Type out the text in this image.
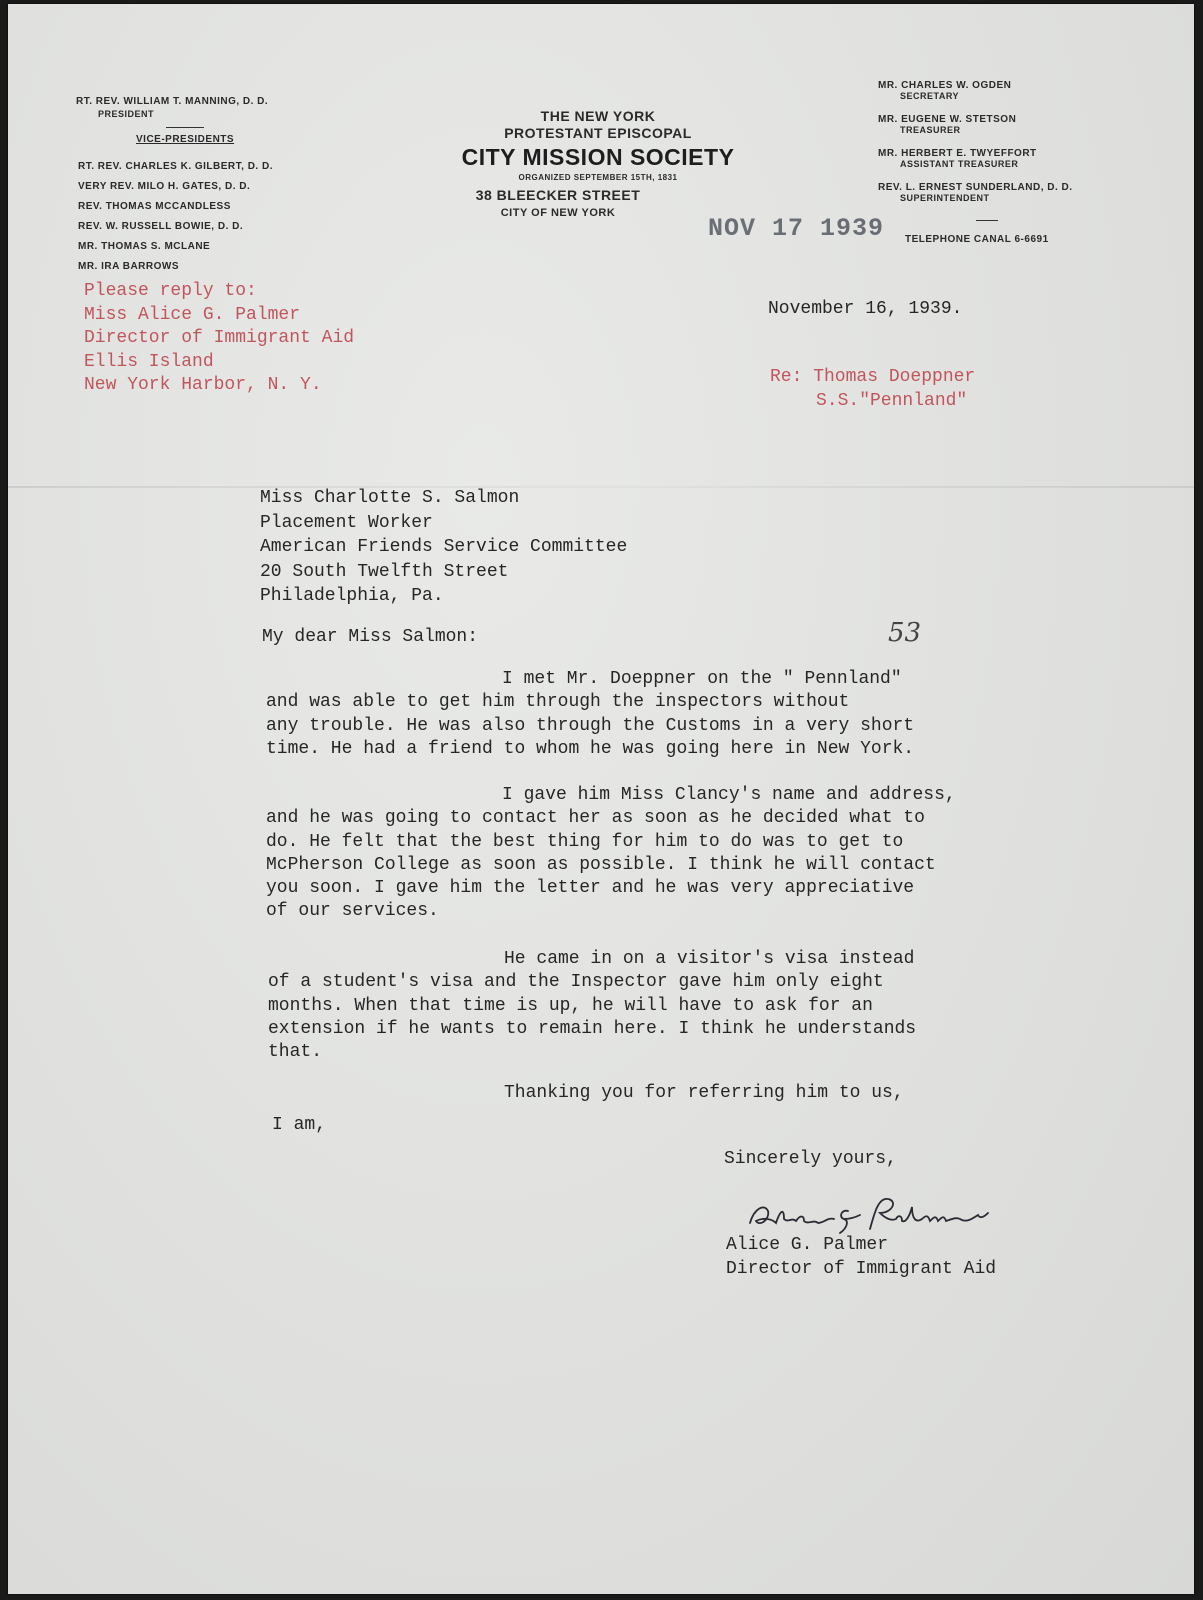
RT. REV. WILLIAM T. MANNING, D. D.
PRESIDENT
VICE-PRESIDENTS
RT. REV. CHARLES K. GILBERT, D. D.
VERY REV. MILO H. GATES, D. D.
REV. THOMAS MCCANDLESS
REV. W. RUSSELL BOWIE, D. D.
MR. THOMAS S. MCLANE
MR. IRA BARROWS
THE NEW YORK
PROTESTANT EPISCOPAL
CITY MISSION SOCIETY
ORGANIZED SEPTEMBER 15TH, 1831
38 BLEECKER STREET
CITY OF NEW YORK
MR. CHARLES W. OGDEN
SECRETARY
MR. EUGENE W. STETSON
TREASURER
MR. HERBERT E. TWYEFFORT
ASSISTANT TREASURER
REV. L. ERNEST SUNDERLAND, D. D.
SUPERINTENDENT
TELEPHONE CANAL 6-6691
NOV 17 1939
Please reply to:
Miss Alice G. Palmer
Director of Immigrant Aid
Ellis Island
New York Harbor, N. Y.
November 16, 1939.
Re: Thomas Doeppner
S.S."Pennland"
Miss Charlotte S. Salmon
Placement Worker
American Friends Service Committee
20 South Twelfth Street
Philadelphia, Pa.
My dear Miss Salmon:	53
I met Mr. Doeppner on the " Pennland"
and was able to get him through the inspectors without
any trouble. He was also through the Customs in a very short
time. He had a friend to whom he was going here in New York.
I gave him Miss Clancy's name and address,
and he was going to contact her as soon as he decided what to
do. He felt that the best thing for him to do was to get to
McPherson College as soon as possible. I think he will contact
you soon. I gave him the letter and he was very appreciative
of our services.
He came in on a visitor's visa instead
of a student's visa and the Inspector gave him only eight
months. When that time is up, he will have to ask for an
extension if he wants to remain here. I think he understands
that.
Thanking you for referring him to us,
I am,
Sincerely yours,
Alice G. Palmer
Director of Immigrant Aid
